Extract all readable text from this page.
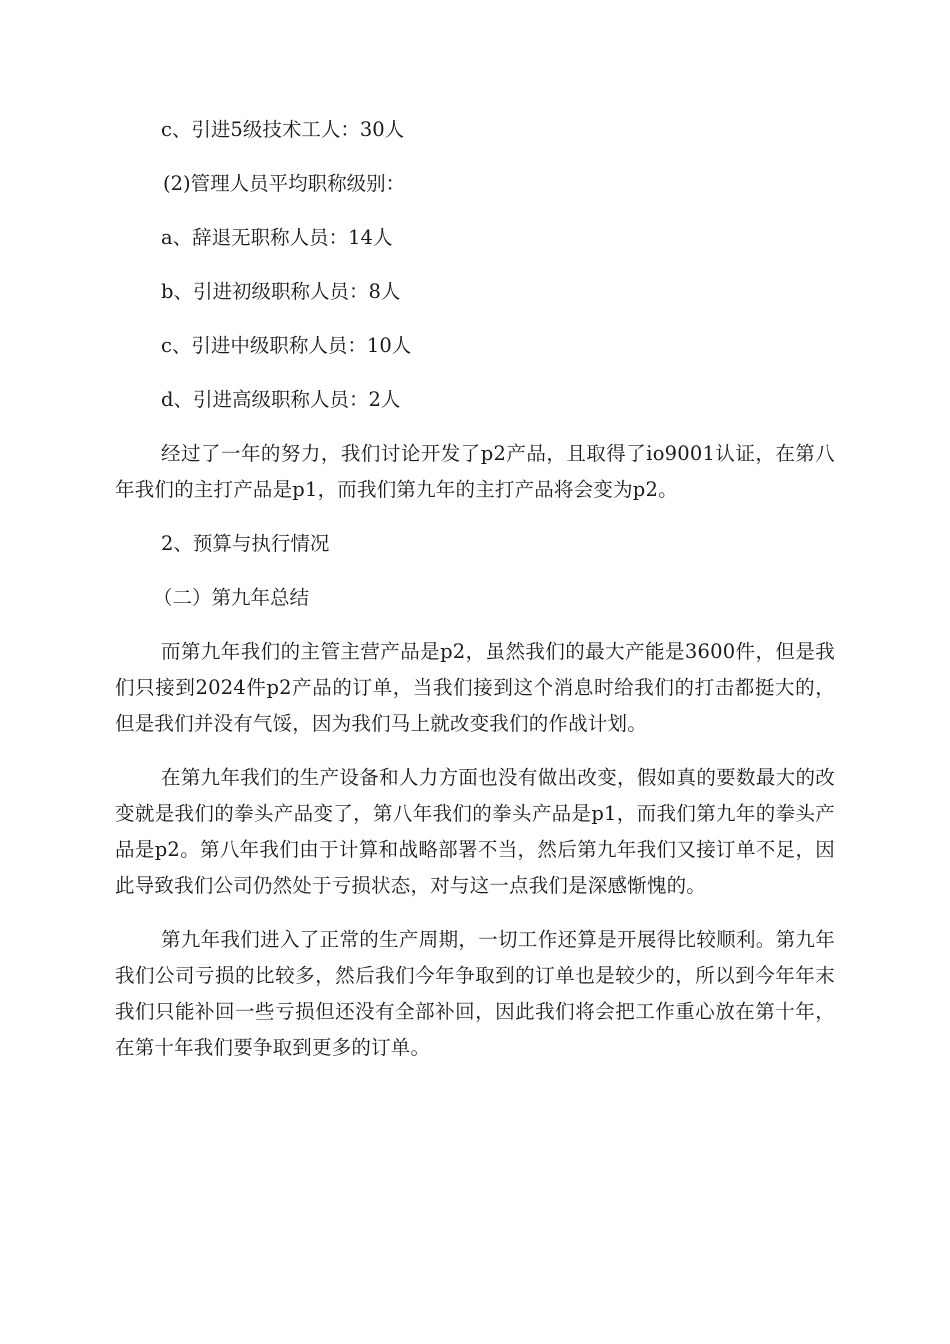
c、引进5级技术工人：30人
(2)管理人员平均职称级别：
a、辞退无职称人员：14人
b、引进初级职称人员：8人
c、引进中级职称人员：10人
d、引进高级职称人员：2人

经过了一年的努力，我们讨论开发了p2产品，且取得了io9001认证，在第八年我们的主打产品是p1，而我们第九年的主打产品将会变为p2。

2、预算与执行情况
（二）第九年总结

而第九年我们的主管主营产品是p2，虽然我们的最大产能是3600件，但是我们只接到2024件p2产品的订单，当我们接到这个消息时给我们的打击都挺大的，但是我们并没有气馁，因为我们马上就改变我们的作战计划。

在第九年我们的生产设备和人力方面也没有做出改变，假如真的要数最大的改变就是我们的拳头产品变了，第八年我们的拳头产品是p1，而我们第九年的拳头产品是p2。第八年我们由于计算和战略部署不当，然后第九年我们又接订单不足，因此导致我们公司仍然处于亏损状态，对与这一点我们是深感惭愧的。

第九年我们进入了正常的生产周期，一切工作还算是开展得比较顺利。第九年我们公司亏损的比较多，然后我们今年争取到的订单也是较少的，所以到今年年末我们只能补回一些亏损但还没有全部补回，因此我们将会把工作重心放在第十年，在第十年我们要争取到更多的订单。
